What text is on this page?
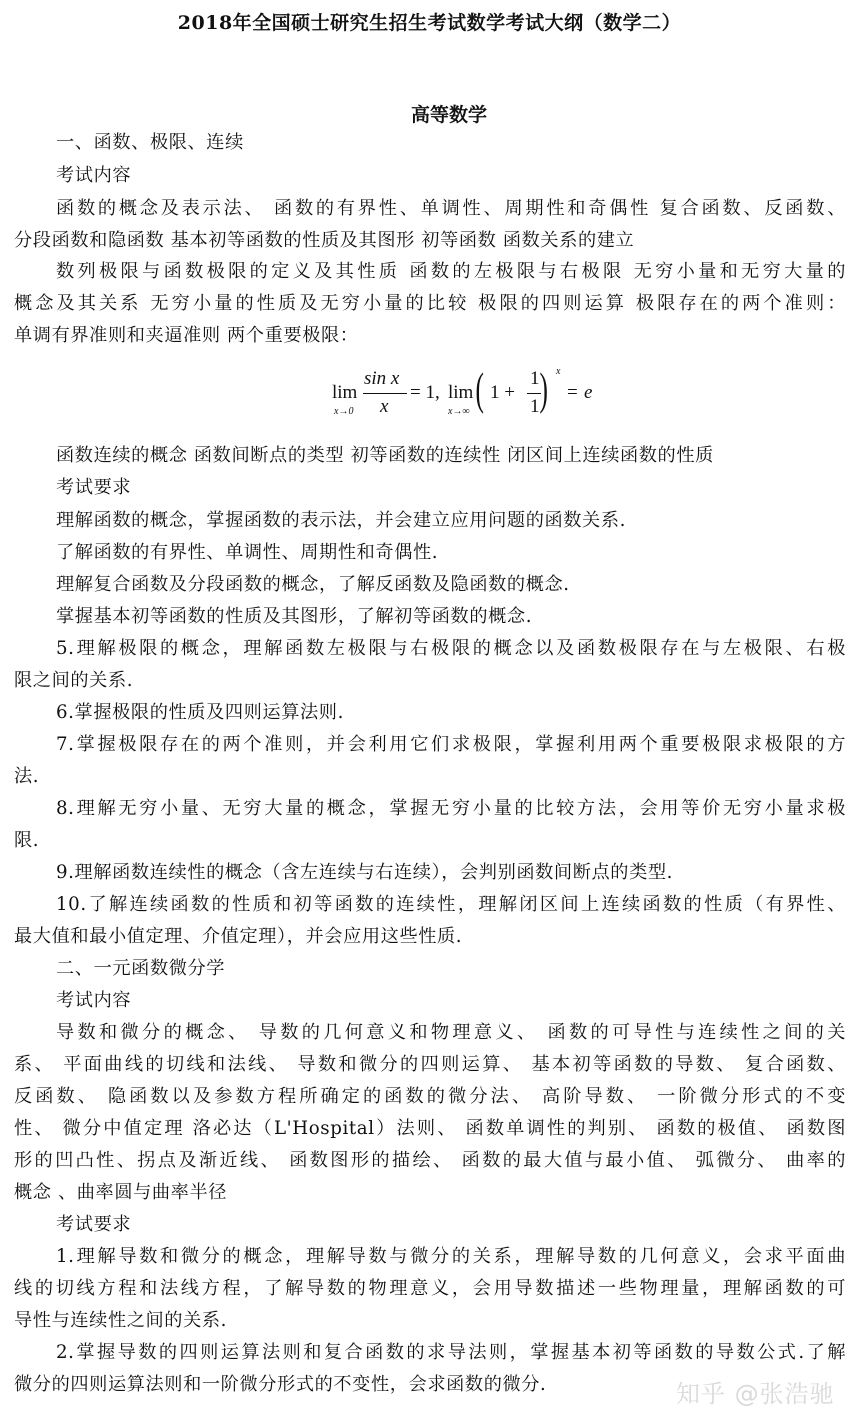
2018年全国硕士研究生招生考试数学考试大纲（数学二）
高等数学
一、函数、极限、连续
考试内容
函数的概念及表示法、 函数的有界性、单调性、周期性和奇偶性 复合函数、反函数、
分段函数和隐函数 基本初等函数的性质及其图形 初等函数 函数关系的建立
数列极限与函数极限的定义及其性质 函数的左极限与右极限 无穷小量和无穷大量的
概念及其关系 无穷小量的性质及无穷小量的比较 极限的四则运算 极限存在的两个准则：
单调有界准则和夹逼准则 两个重要极限：
lim
x→0
sin x
x
= 1, lim
x→∞ ( 1 +
1
1 ) x
= e
函数连续的概念 函数间断点的类型 初等函数的连续性 闭区间上连续函数的性质
考试要求
理解函数的概念，掌握函数的表示法，并会建立应用问题的函数关系.
了解函数的有界性、单调性、周期性和奇偶性.
理解复合函数及分段函数的概念，了解反函数及隐函数的概念.
掌握基本初等函数的性质及其图形，了解初等函数的概念.
5.理解极限的概念，理解函数左极限与右极限的概念以及函数极限存在与左极限、右极
限之间的关系.
6.掌握极限的性质及四则运算法则.
7.掌握极限存在的两个准则，并会利用它们求极限，掌握利用两个重要极限求极限的方
法.
8.理解无穷小量、无穷大量的概念，掌握无穷小量的比较方法，会用等价无穷小量求极
限.
9.理解函数连续性的概念（含左连续与右连续），会判别函数间断点的类型.
10.了解连续函数的性质和初等函数的连续性，理解闭区间上连续函数的性质（有界性、
最大值和最小值定理、介值定理），并会应用这些性质.
二、一元函数微分学
考试内容
导数和微分的概念、 导数的几何意义和物理意义、 函数的可导性与连续性之间的关
系、 平面曲线的切线和法线、 导数和微分的四则运算、 基本初等函数的导数、 复合函数、
反函数、 隐函数以及参数方程所确定的函数的微分法、 高阶导数、 一阶微分形式的不变
性、 微分中值定理 洛必达（L'Hospital）法则、 函数单调性的判别、 函数的极值、 函数图
形的凹凸性、拐点及渐近线、 函数图形的描绘、 函数的最大值与最小值、 弧微分、 曲率的
概念 、曲率圆与曲率半径
考试要求
1.理解导数和微分的概念，理解导数与微分的关系，理解导数的几何意义，会求平面曲
线的切线方程和法线方程，了解导数的物理意义，会用导数描述一些物理量，理解函数的可
导性与连续性之间的关系.
2.掌握导数的四则运算法则和复合函数的求导法则，掌握基本初等函数的导数公式.了解
微分的四则运算法则和一阶微分形式的不变性，会求函数的微分.	知乎 @张浩驰
